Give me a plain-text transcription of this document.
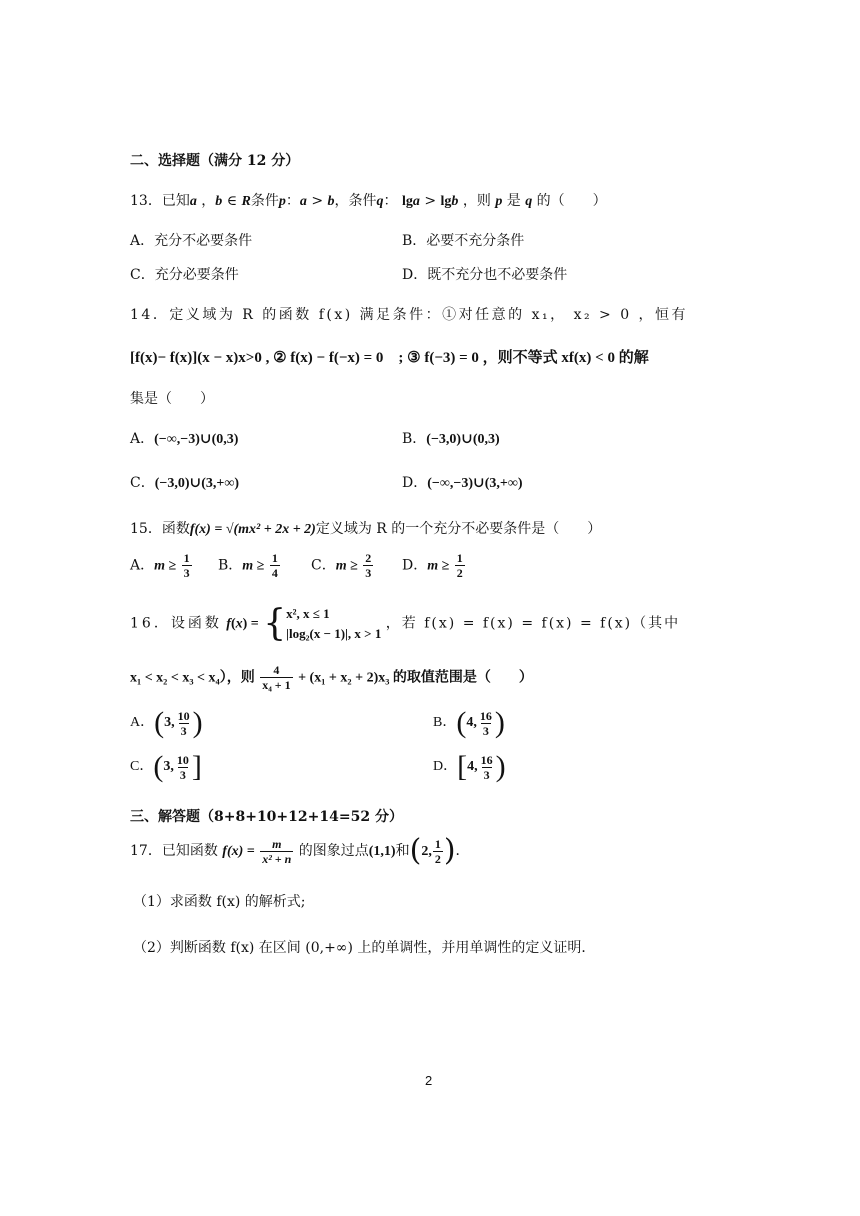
二、选择题（满分 12 分）
13．已知a ，b ∈ R条件p：a > b，条件q： lga > lgb ，则 p 是 q 的（　　）
A．充分不必要条件	B．必要不充分条件
C．充分必要条件	D．既不充分也不必要条件
14．定义域为 R 的函数 f(x) 满足条件：①对任意的 x₁， x₂ > 0 ，恒有
[f(x)− f(x)](x − x)x>0 , ② f(x) − f(−x) = 0　; ③ f(−3) = 0 ，则不等式 xf(x) < 0 的解
集是（　　）
A．(−∞,−3)∪(0,3)	B．(−3,0)∪(0,3)
C．(−3,0)∪(3,+∞)	D．(−∞,−3)∪(3,+∞)
15．函数f(x) = √(mx² + 2x + 2)定义域为 R 的一个充分不必要条件是（　　）
A．$m \ge \frac{1}{3}$ B．$m \ge \frac{1}{4}$ C．$m \ge \frac{2}{3}$ D．$m \ge \frac{1}{2}$
16．设函数 f(x) = { x², x ≤ 1
|log₂(x − 1)|, x > 1
，若 f(x) = f(x) = f(x) = f(x)（其中
x₁ < x₂ < x₃ < x₄），则 $\frac{4}{\text{x₄ + 1}} + (x_1 + x_2 + 2)x_3$ 的取值范围是（　　）
A．(3, $\frac{10}{3}$ )	B．(4, $\frac{16}{3}$ )
C．(3, $\frac{10}{3}$ ]	D．[4, $\frac{16}{3}$ )
三、解答题（8+8+10+12+14=52 分）
17．已知函数 $f(x) = \frac{m}{\text{x² + n}}$ 的图象过点(1,1)和(2, $\frac{1}{2}$ )．
（1）求函数 f(x) 的解析式;
（2）判断函数 f(x) 在区间 (0,+∞) 上的单调性，并用单调性的定义证明．
2
